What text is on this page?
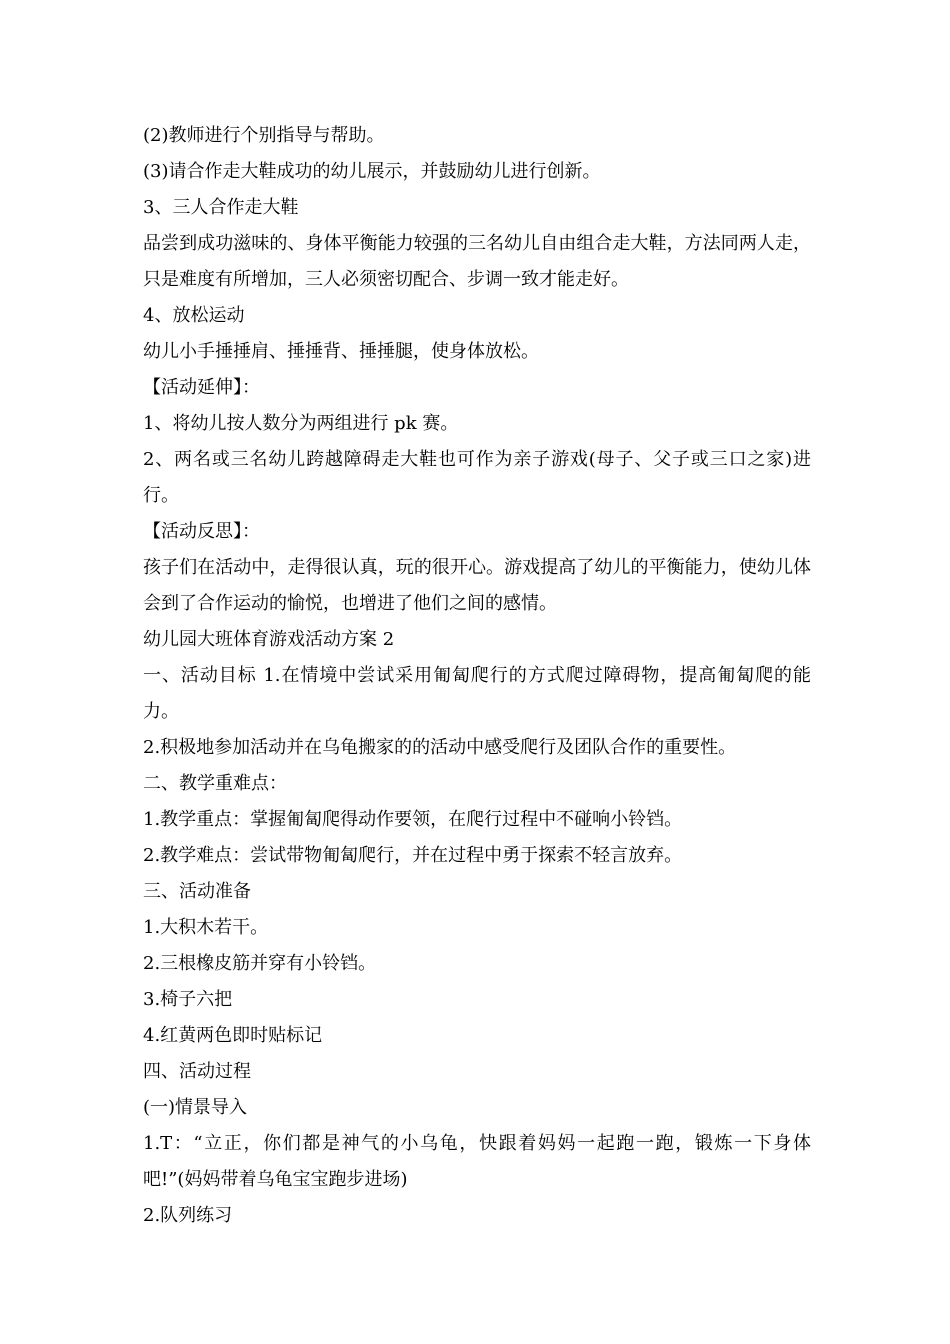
(2)教师进行个别指导与帮助。

(3)请合作走大鞋成功的幼儿展示，并鼓励幼儿进行创新。

3、三人合作走大鞋

品尝到成功滋味的、身体平衡能力较强的三名幼儿自由组合走大鞋，方法同两人走，只是难度有所增加，三人必须密切配合、步调一致才能走好。

4、放松运动

幼儿小手捶捶肩、捶捶背、捶捶腿，使身体放松。

【活动延伸】：

1、将幼儿按人数分为两组进行 pk 赛。

2、两名或三名幼儿跨越障碍走大鞋也可作为亲子游戏(母子、父子或三口之家)进行。

【活动反思】：

孩子们在活动中，走得很认真，玩的很开心。游戏提高了幼儿的平衡能力，使幼儿体会到了合作运动的愉悦，也增进了他们之间的感情。

幼儿园大班体育游戏活动方案 2

一、活动目标 1.在情境中尝试采用匍匐爬行的方式爬过障碍物，提高匍匐爬的能力。

2.积极地参加活动并在乌龟搬家的的活动中感受爬行及团队合作的重要性。

二、教学重难点：

1.教学重点：掌握匍匐爬得动作要领，在爬行过程中不碰响小铃铛。

2.教学难点：尝试带物匍匐爬行，并在过程中勇于探索不轻言放弃。

三、活动准备

1.大积木若干。

2.三根橡皮筋并穿有小铃铛。

3.椅子六把

4.红黄两色即时贴标记

四、活动过程

(一)情景导入

1.T：“立正，你们都是神气的小乌龟，快跟着妈妈一起跑一跑，锻炼一下身体吧!”(妈妈带着乌龟宝宝跑步进场)

2.队列练习
